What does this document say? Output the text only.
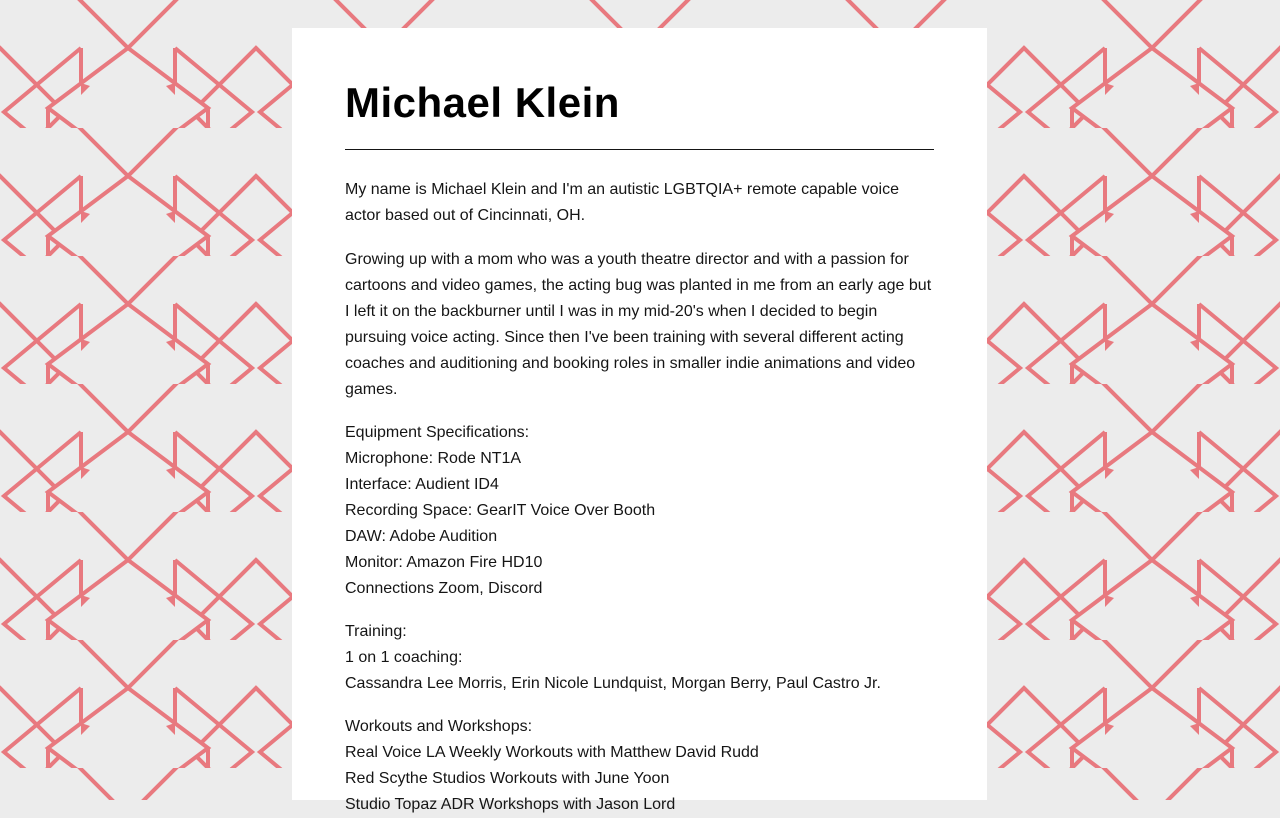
Michael Klein

My name is Michael Klein and I'm an autistic LGBTQIA+ remote capable voice actor based out of Cincinnati, OH.

Growing up with a mom who was a youth theatre director and with a passion for cartoons and video games, the acting bug was planted in me from an early age but I left it on the backburner until I was in my mid-20's when I decided to begin pursuing voice acting. Since then I've been training with several different acting coaches and auditioning and booking roles in smaller indie animations and video games.

Equipment Specifications:
Microphone: Rode NT1A
Interface: Audient ID4
Recording Space: GearIT Voice Over Booth
DAW: Adobe Audition
Monitor: Amazon Fire HD10
Connections Zoom, Discord
Training:
1 on 1 coaching:
Cassandra Lee Morris, Erin Nicole Lundquist, Morgan Berry, Paul Castro Jr.
Workouts and Workshops:
Real Voice LA Weekly Workouts with Matthew David Rudd
Red Scythe Studios Workouts with June Yoon
Studio Topaz ADR Workshops with Jason Lord
